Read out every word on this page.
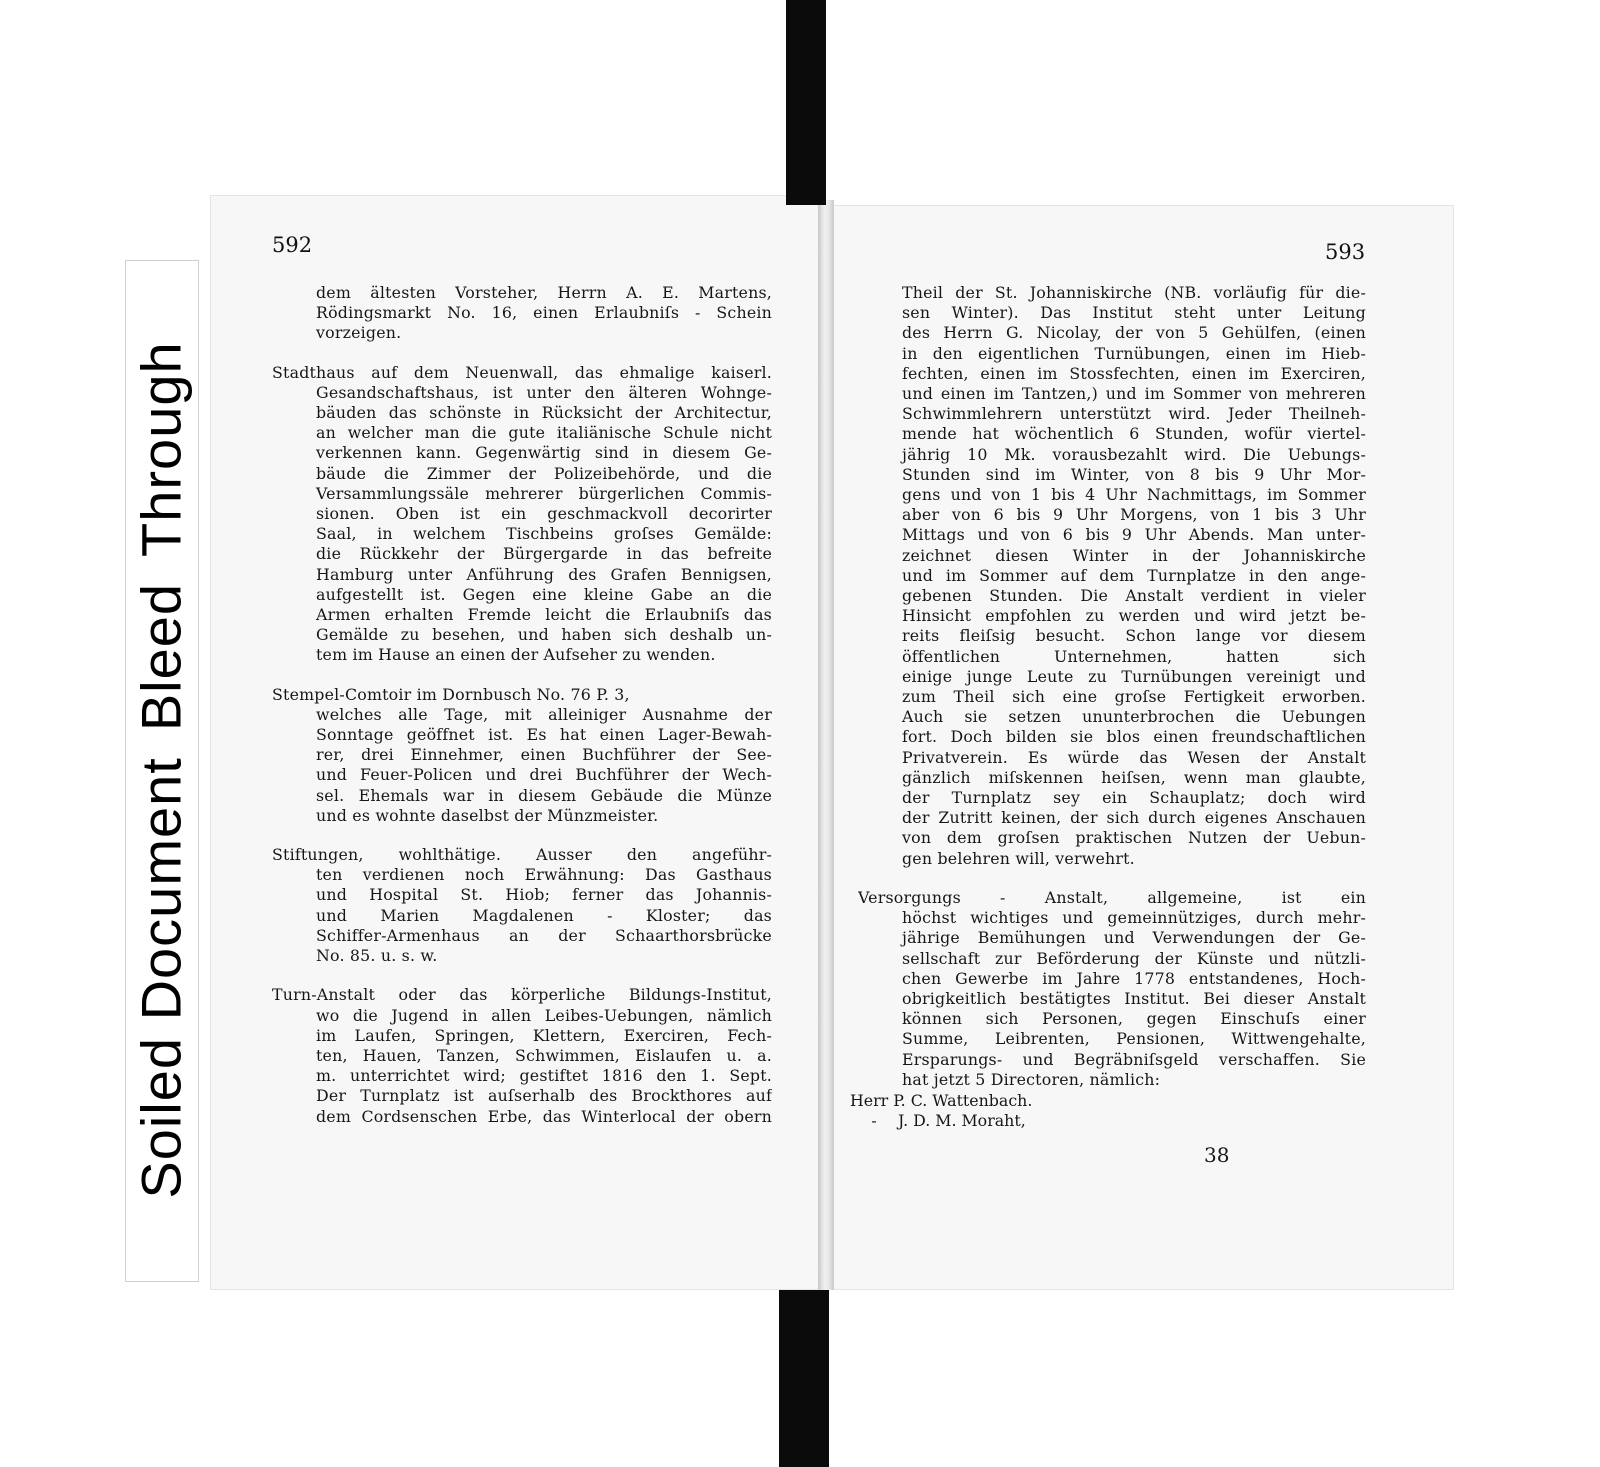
Soiled DocumentBleedThrough
592	593
dem ältesten Vorsteher, Herrn A. E. Martens,
Rödingsmarkt No. 16, einen Erlaubniſs - Schein
vorzeigen.
Stadthaus auf dem Neuenwall, das ehmalige kaiserl.
Gesandschaftshaus, ist unter den älteren Wohnge-
bäuden das schönste in Rücksicht der Architectur,
an welcher man die gute italiänische Schule nicht
verkennen kann. Gegenwärtig sind in diesem Ge-
bäude die Zimmer der Polizeibehörde, und die
Versammlungssäle mehrerer bürgerlichen Commis-
sionen. Oben ist ein geschmackvoll decorirter
Saal, in welchem Tischbeins groſses Gemälde:
die Rückkehr der Bürgergarde in das befreite
Hamburg unter Anführung des Grafen Bennigsen,
aufgestellt ist. Gegen eine kleine Gabe an die
Armen erhalten Fremde leicht die Erlaubniſs das
Gemälde zu besehen, und haben sich deshalb un-
tem im Hause an einen der Aufseher zu wenden.
Stempel-Comtoir im Dornbusch No. 76 P. 3,
welches alle Tage, mit alleiniger Ausnahme der
Sonntage geöffnet ist. Es hat einen Lager-Bewah-
rer, drei Einnehmer, einen Buchführer der See-
und Feuer-Policen und drei Buchführer der Wech-
sel. Ehemals war in diesem Gebäude die Münze
und es wohnte daselbst der Münzmeister.
Stiftungen, wohlthätige. Ausser den angeführ-
ten verdienen noch Erwähnung: Das Gasthaus
und Hospital St. Hiob; ferner das Johannis-
und Marien Magdalenen - Kloster; das
Schiffer-Armenhaus an der Schaarthorsbrücke
No. 85. u. s. w.
Turn-Anstalt oder das körperliche Bildungs-Institut,
wo die Jugend in allen Leibes-Uebungen, nämlich
im Laufen, Springen, Klettern, Exerciren, Fech-
ten, Hauen, Tanzen, Schwimmen, Eislaufen u. a.
m. unterrichtet wird; gestiftet 1816 den 1. Sept.
Der Turnplatz ist auſserhalb des Brockthores auf
dem Cordsenschen Erbe, das Winterlocal der obern
Theil der St. Johanniskirche (NB. vorläufig für die-
sen Winter). Das Institut steht unter Leitung
des Herrn G. Nicolay, der von 5 Gehülfen, (einen
in den eigentlichen Turnübungen, einen im Hieb-
fechten, einen im Stossfechten, einen im Exerciren,
und einen im Tantzen,) und im Sommer von mehreren
Schwimmlehrern unterstützt wird. Jeder Theilneh-
mende hat wöchentlich 6 Stunden, wofür viertel-
jährig 10 Mk. vorausbezahlt wird. Die Uebungs-
Stunden sind im Winter, von 8 bis 9 Uhr Mor-
gens und von 1 bis 4 Uhr Nachmittags, im Sommer
aber von 6 bis 9 Uhr Morgens, von 1 bis 3 Uhr
Mittags und von 6 bis 9 Uhr Abends. Man unter-
zeichnet diesen Winter in der Johanniskirche
und im Sommer auf dem Turnplatze in den ange-
gebenen Stunden. Die Anstalt verdient in vieler
Hinsicht empfohlen zu werden und wird jetzt be-
reits fleiſsig besucht. Schon lange vor diesem
öffentlichen Unternehmen, hatten sich
einige junge Leute zu Turnübungen vereinigt und
zum Theil sich eine groſse Fertigkeit erworben.
Auch sie setzen ununterbrochen die Uebungen
fort. Doch bilden sie blos einen freundschaftlichen
Privatverein. Es würde das Wesen der Anstalt
gänzlich miſskennen heiſsen, wenn man glaubte,
der Turnplatz sey ein Schauplatz; doch wird
der Zutritt keinen, der sich durch eigenes Anschauen
von dem groſsen praktischen Nutzen der Uebun-
gen belehren will, verwehrt.
Versorgungs - Anstalt, allgemeine, ist ein
höchst wichtiges und gemeinnütziges, durch mehr-
jährige Bemühungen und Verwendungen der Ge-
sellschaft zur Beförderung der Künste und nützli-
chen Gewerbe im Jahre 1778 entstandenes, Hoch-
obrigkeitlich bestätigtes Institut. Bei dieser Anstalt
können sich Personen, gegen Einschuſs einer
Summe, Leibrenten, Pensionen, Wittwengehalte,
Ersparungs- und Begräbniſsgeld verschaffen. Sie
hat jetzt 5 Directoren, nämlich:
Herr P. C. Wattenbach.
- J. D. M. Moraht,
38
